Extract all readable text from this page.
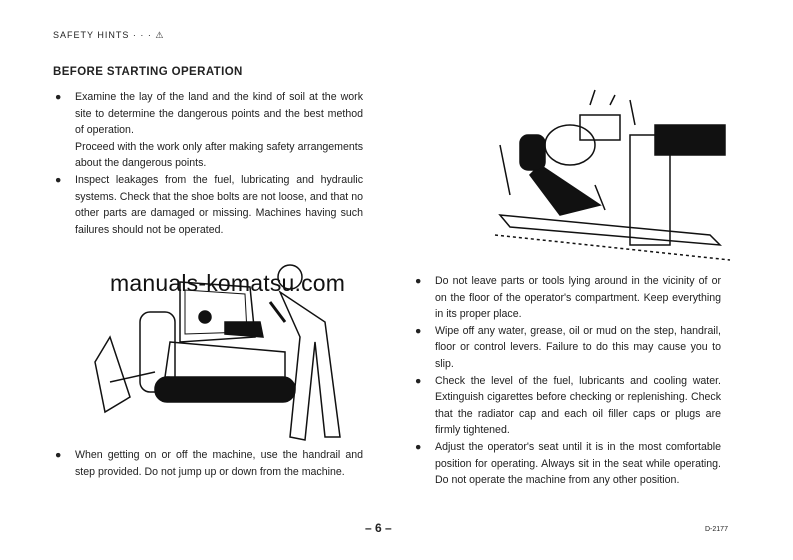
SAFETY HINTS · · · ⚠
BEFORE STARTING OPERATION
● Examine the lay of the land and the kind of soil at the work site to determine the dangerous points and the best method of operation.

Proceed with the work only after making safety arrangements about the dangerous points.

● Inspect leakages from the fuel, lubricating and hydraulic systems. Check that the shoe bolts are not loose, and that no other parts are damaged or missing. Machines having such failures should not be operated.

● When getting on or off the machine, use the handrail and step provided. Do not jump up or down from the machine.

● Do not leave parts or tools lying around in the vicinity of or on the floor of the operator's compartment. Keep everything in its proper place.

● Wipe off any water, grease, oil or mud on the step, handrail, floor or control levers. Failure to do this may cause you to slip.

● Check the level of the fuel, lubricants and cooling water. Extinguish cigarettes before checking or replenishing. Check that the radiator cap and each oil filler caps or plugs are firmly tightened.

● Adjust the operator's seat until it is in the most comfortable position for operating. Always sit in the seat while operating. Do not operate the machine from any other position.

manuals-komatsu.com
– 6 –	D-2177
